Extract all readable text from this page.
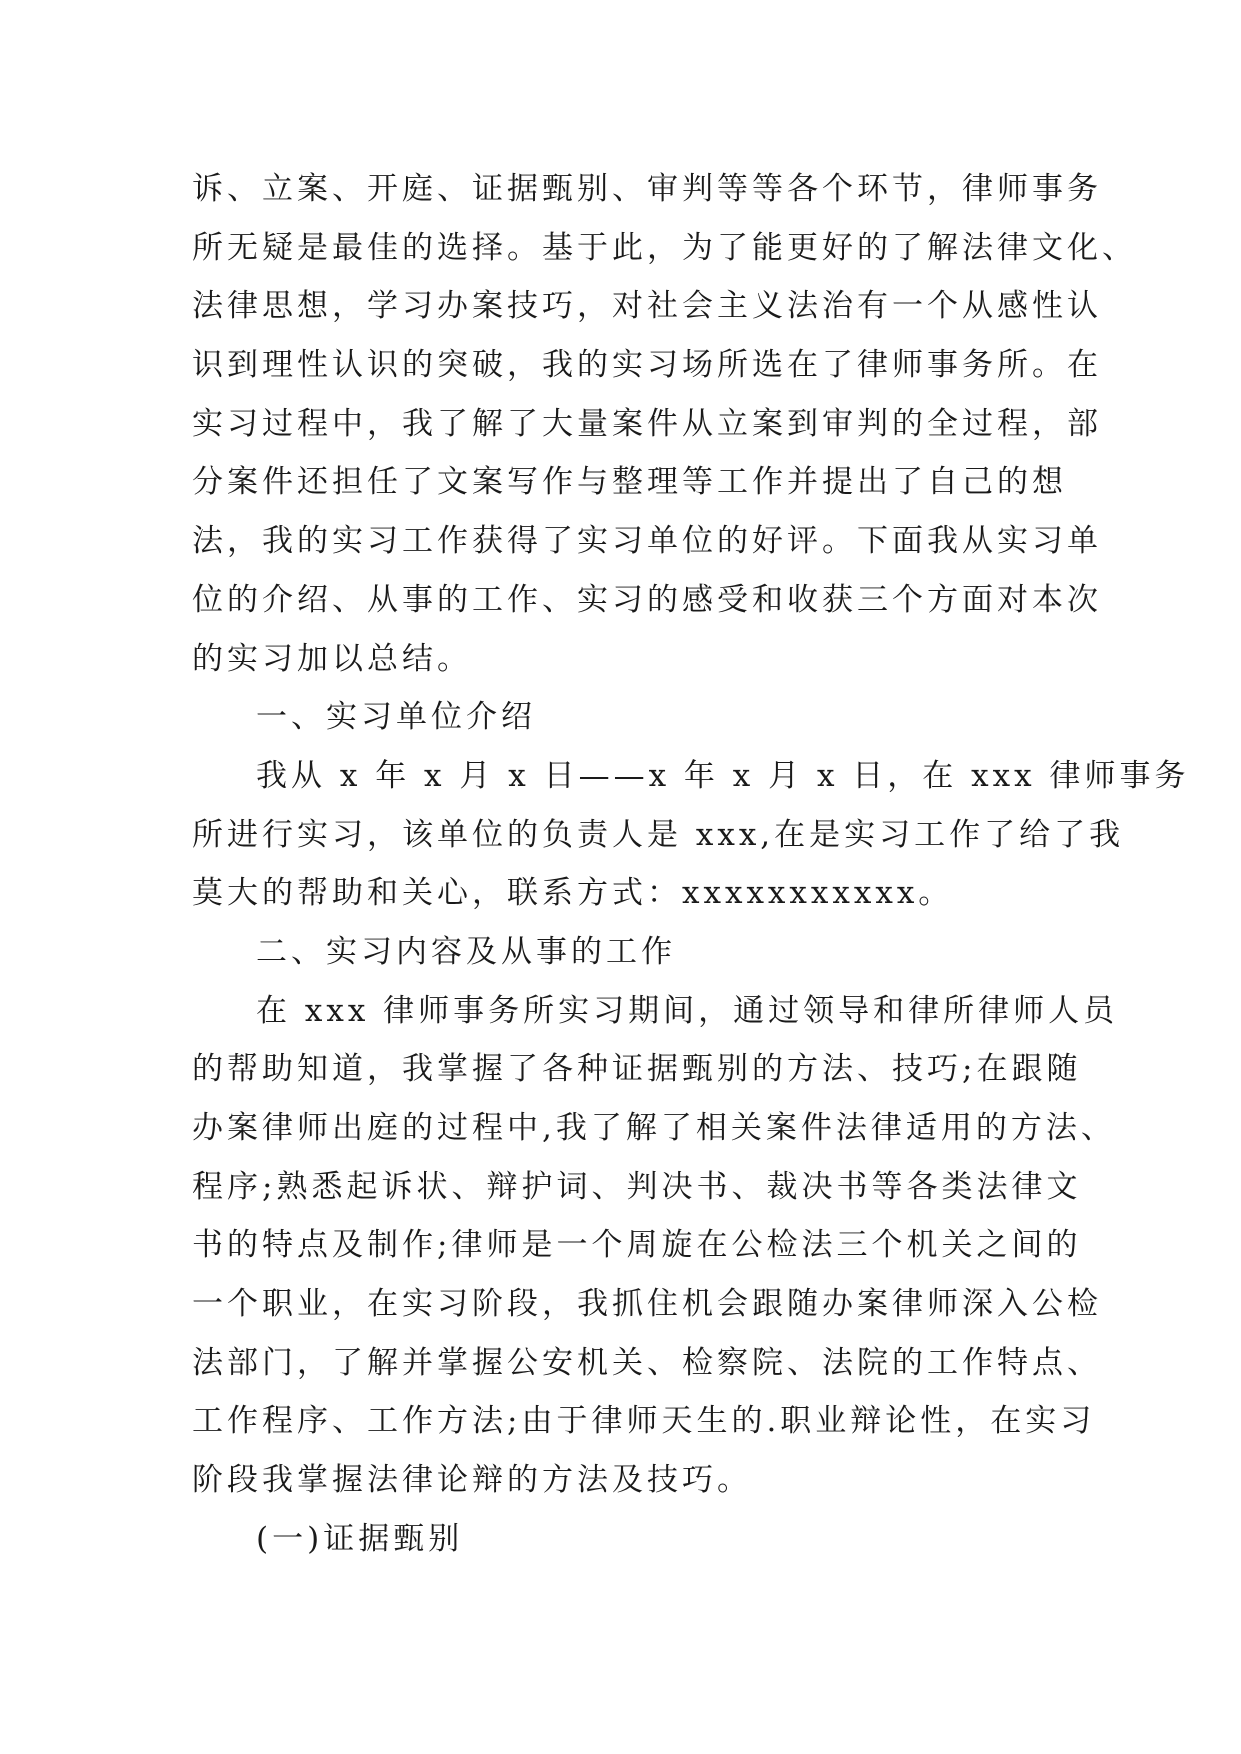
诉、立案、开庭、证据甄别、审判等等各个环节，律师事务
所无疑是最佳的选择。基于此，为了能更好的了解法律文化、
法律思想，学习办案技巧，对社会主义法治有一个从感性认
识到理性认识的突破，我的实习场所选在了律师事务所。在
实习过程中，我了解了大量案件从立案到审判的全过程，部
分案件还担任了文案写作与整理等工作并提出了自己的想
法，我的实习工作获得了实习单位的好评。下面我从实习单
位的介绍、从事的工作、实习的感受和收获三个方面对本次
的实习加以总结。
一、实习单位介绍
我从 x 年 x 月 x 日——x 年 x 月 x 日，在 xxx 律师事务
所进行实习，该单位的负责人是 xxx,在是实习工作了给了我
莫大的帮助和关心，联系方式：xxxxxxxxxxx。
二、实习内容及从事的工作
在 xxx 律师事务所实习期间，通过领导和律所律师人员
的帮助知道，我掌握了各种证据甄别的方法、技巧;在跟随
办案律师出庭的过程中,我了解了相关案件法律适用的方法、
程序;熟悉起诉状、辩护词、判决书、裁决书等各类法律文
书的特点及制作;律师是一个周旋在公检法三个机关之间的
一个职业，在实习阶段，我抓住机会跟随办案律师深入公检
法部门，了解并掌握公安机关、检察院、法院的工作特点、
工作程序、工作方法;由于律师天生的.职业辩论性，在实习
阶段我掌握法律论辩的方法及技巧。
(一)证据甄别
